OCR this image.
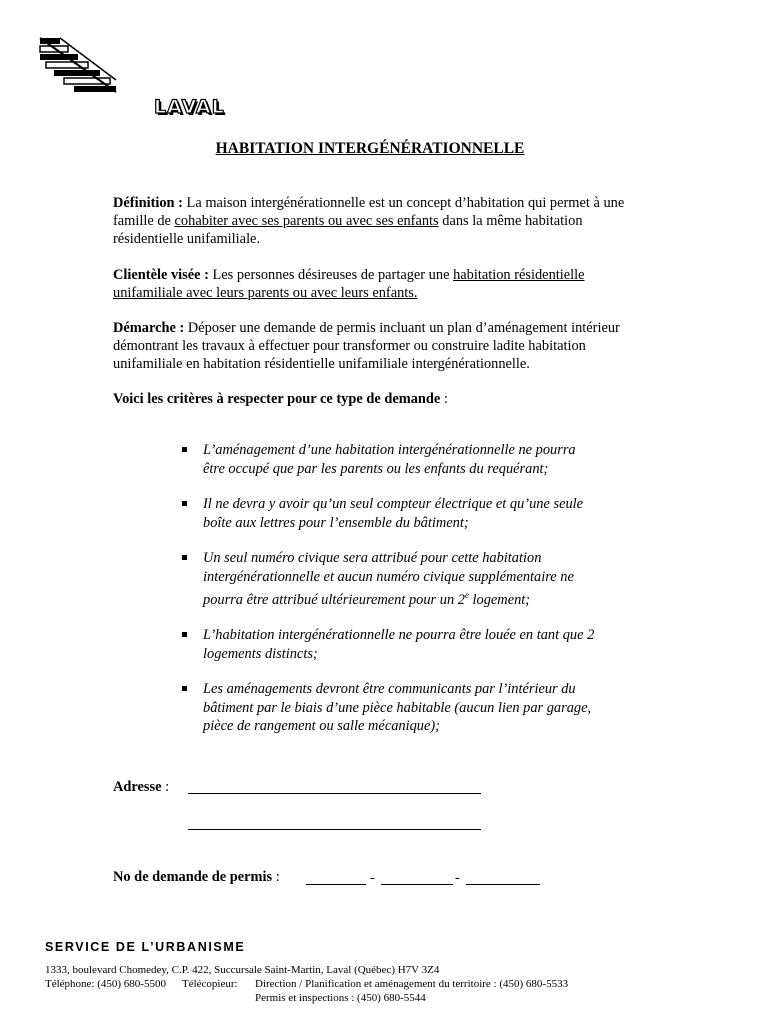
LAVAL
HABITATION INTERGÉNÉRATIONNELLE
Définition : La maison intergénérationnelle est un concept d’habitation qui permet à une famille de cohabiter avec ses parents ou avec ses enfants dans la même habitation résidentielle unifamiliale.
Clientèle visée : Les personnes désireuses de partager une habitation résidentielle unifamiliale avec leurs parents ou avec leurs enfants.
Démarche : Déposer une demande de permis incluant un plan d’aménagement intérieur démontrant les travaux à effectuer pour transformer ou construire ladite habitation unifamiliale en habitation résidentielle unifamiliale intergénérationnelle.
Voici les critères à respecter pour ce type de demande :
L’aménagement d’une habitation intergénérationnelle ne pourra être occupé que par les parents ou les enfants du requérant;
Il ne devra y avoir qu’un seul compteur électrique et qu’une seule boîte aux lettres pour l’ensemble du bâtiment;
Un seul numéro civique sera attribué pour cette habitation intergénérationnelle et aucun numéro civique supplémentaire ne pourra être attribué ultérieurement pour un 2e logement;
L’habitation intergénérationnelle ne pourra être louée en tant que 2 logements distincts;
Les aménagements devront être communicants par l’intérieur du bâtiment par le biais d’une pièce habitable (aucun lien par garage, pièce de rangement ou salle mécanique);
Adresse :
No de demande de permis :	-	-
SERVICE DE L’URBANISME
1333, boulevard Chomedey, C.P. 422, Succursale Saint-Martin, Laval (Québec) H7V 3Z4
Téléphone: (450) 680-5500 Télécopieur: Direction / Planification et aménagement du territoire : (450) 680-5533
Permis et inspections : (450) 680-5544
